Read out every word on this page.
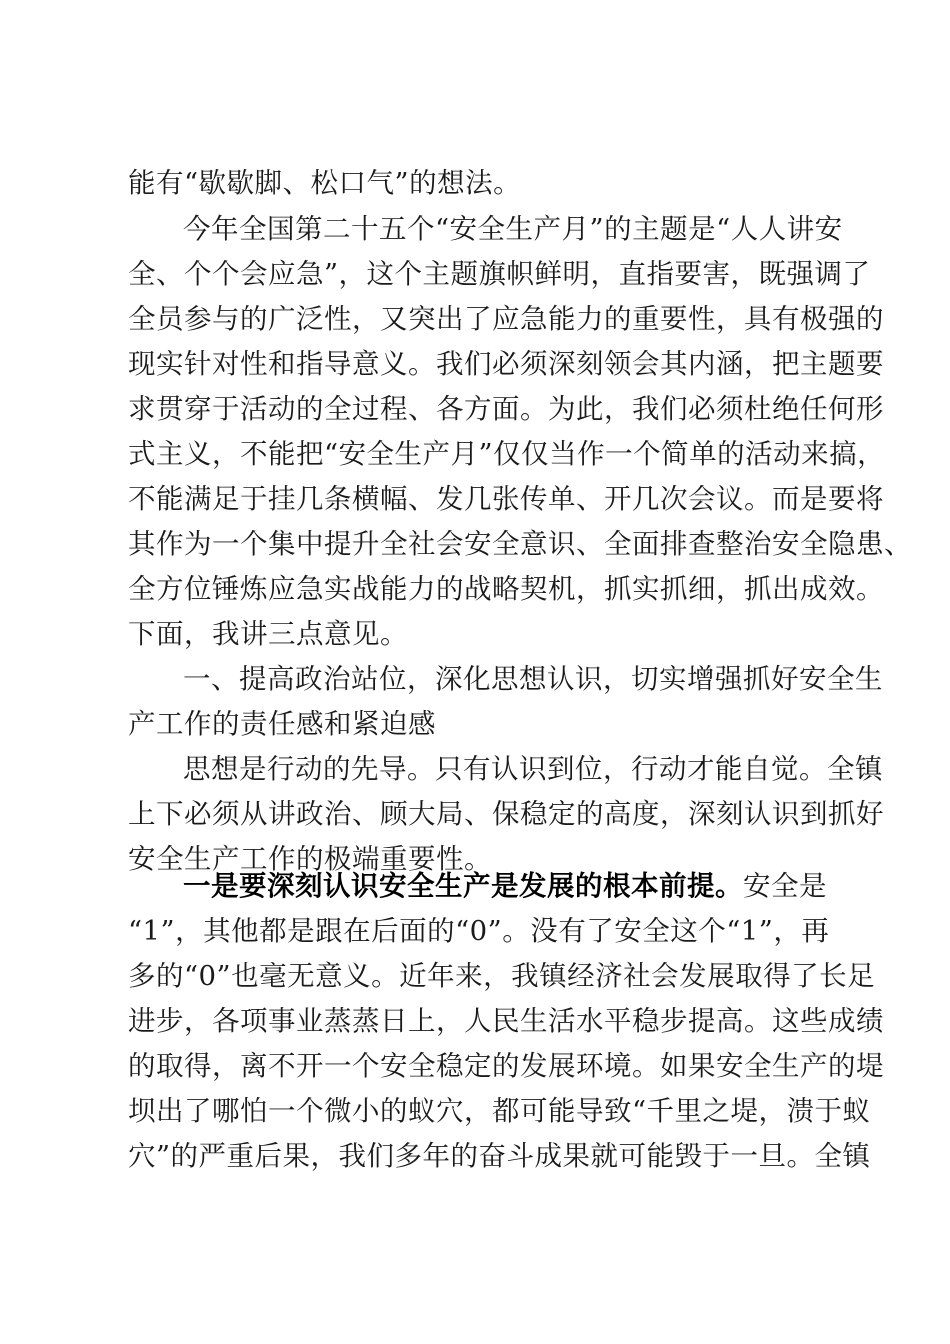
能有“歇歇脚、松口气”的想法。
今年全国第二十五个“安全生产月”的主题是“人人讲安
全、个个会应急”，这个主题旗帜鲜明，直指要害，既强调了
全员参与的广泛性，又突出了应急能力的重要性，具有极强的
现实针对性和指导意义。我们必须深刻领会其内涵，把主题要
求贯穿于活动的全过程、各方面。为此，我们必须杜绝任何形
式主义，不能把“安全生产月”仅仅当作一个简单的活动来搞，
不能满足于挂几条横幅、发几张传单、开几次会议。而是要将
其作为一个集中提升全社会安全意识、全面排查整治安全隐患、
全方位锤炼应急实战能力的战略契机，抓实抓细，抓出成效。
下面，我讲三点意见。
一、提高政治站位，深化思想认识，切实增强抓好安全生
产工作的责任感和紧迫感
思想是行动的先导。只有认识到位，行动才能自觉。全镇
上下必须从讲政治、顾大局、保稳定的高度，深刻认识到抓好
安全生产工作的极端重要性。
一是要深刻认识安全生产是发展的根本前提。安全是
“1”，其他都是跟在后面的“0”。没有了安全这个“1”，再
多的“0”也毫无意义。近年来，我镇经济社会发展取得了长足
进步，各项事业蒸蒸日上，人民生活水平稳步提高。这些成绩
的取得，离不开一个安全稳定的发展环境。如果安全生产的堤
坝出了哪怕一个微小的蚁穴，都可能导致“千里之堤，溃于蚁
穴”的严重后果，我们多年的奋斗成果就可能毁于一旦。全镇
